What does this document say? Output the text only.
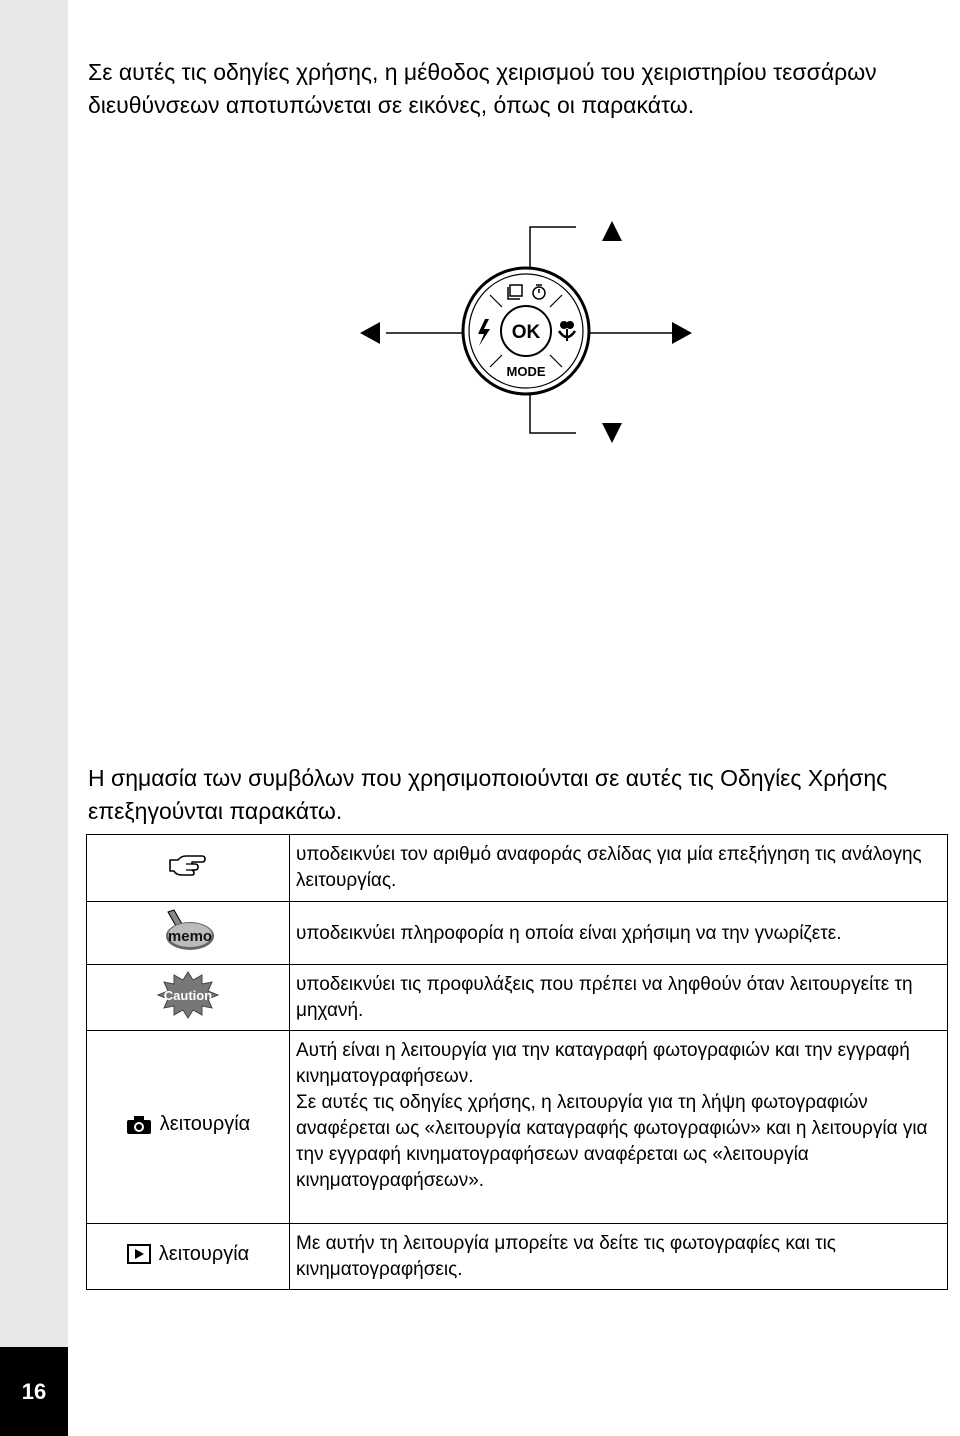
16
Σε αυτές τις οδηγίες χρήσης, η μέθοδος χειρισμού του χειριστηρίου τεσσάρων διευθύνσεων αποτυπώνεται σε εικόνες, όπως οι παρακάτω.
OK
MODE
Η σημασία των συμβόλων που χρησιμοποιούνται σε αυτές τις Οδηγίες Χρήσης επεξηγούνται παρακάτω.

υποδεικνύει τον αριθμό αναφοράς σελίδας για μία επεξήγηση τις ανάλογης λειτουργίας.

memo	υποδεικνύει πληροφορία η οποία είναι χρήσιμη να την γνωρίζετε.

Caution	υποδεικνύει τις προφυλάξεις που πρέπει να ληφθούν όταν λειτουργείτε τη μηχανή.

λειτουργία	Αυτή είναι η λειτουργία για την καταγραφή φωτογραφιών και την εγγραφή κινηματογραφήσεων.

Σε αυτές τις οδηγίες χρήσης, η λειτουργία για τη λήψη φωτογραφιών αναφέρεται ως «λειτουργία καταγραφής φωτογραφιών» και η λειτουργία για την εγγραφή κινηματογραφήσεων αναφέρεται ως «λειτουργία κινηματογραφήσεων».

λειτουργία	Με αυτήν τη λειτουργία μπορείτε να δείτε τις φωτογραφίες και τις κινηματογραφήσεις.
